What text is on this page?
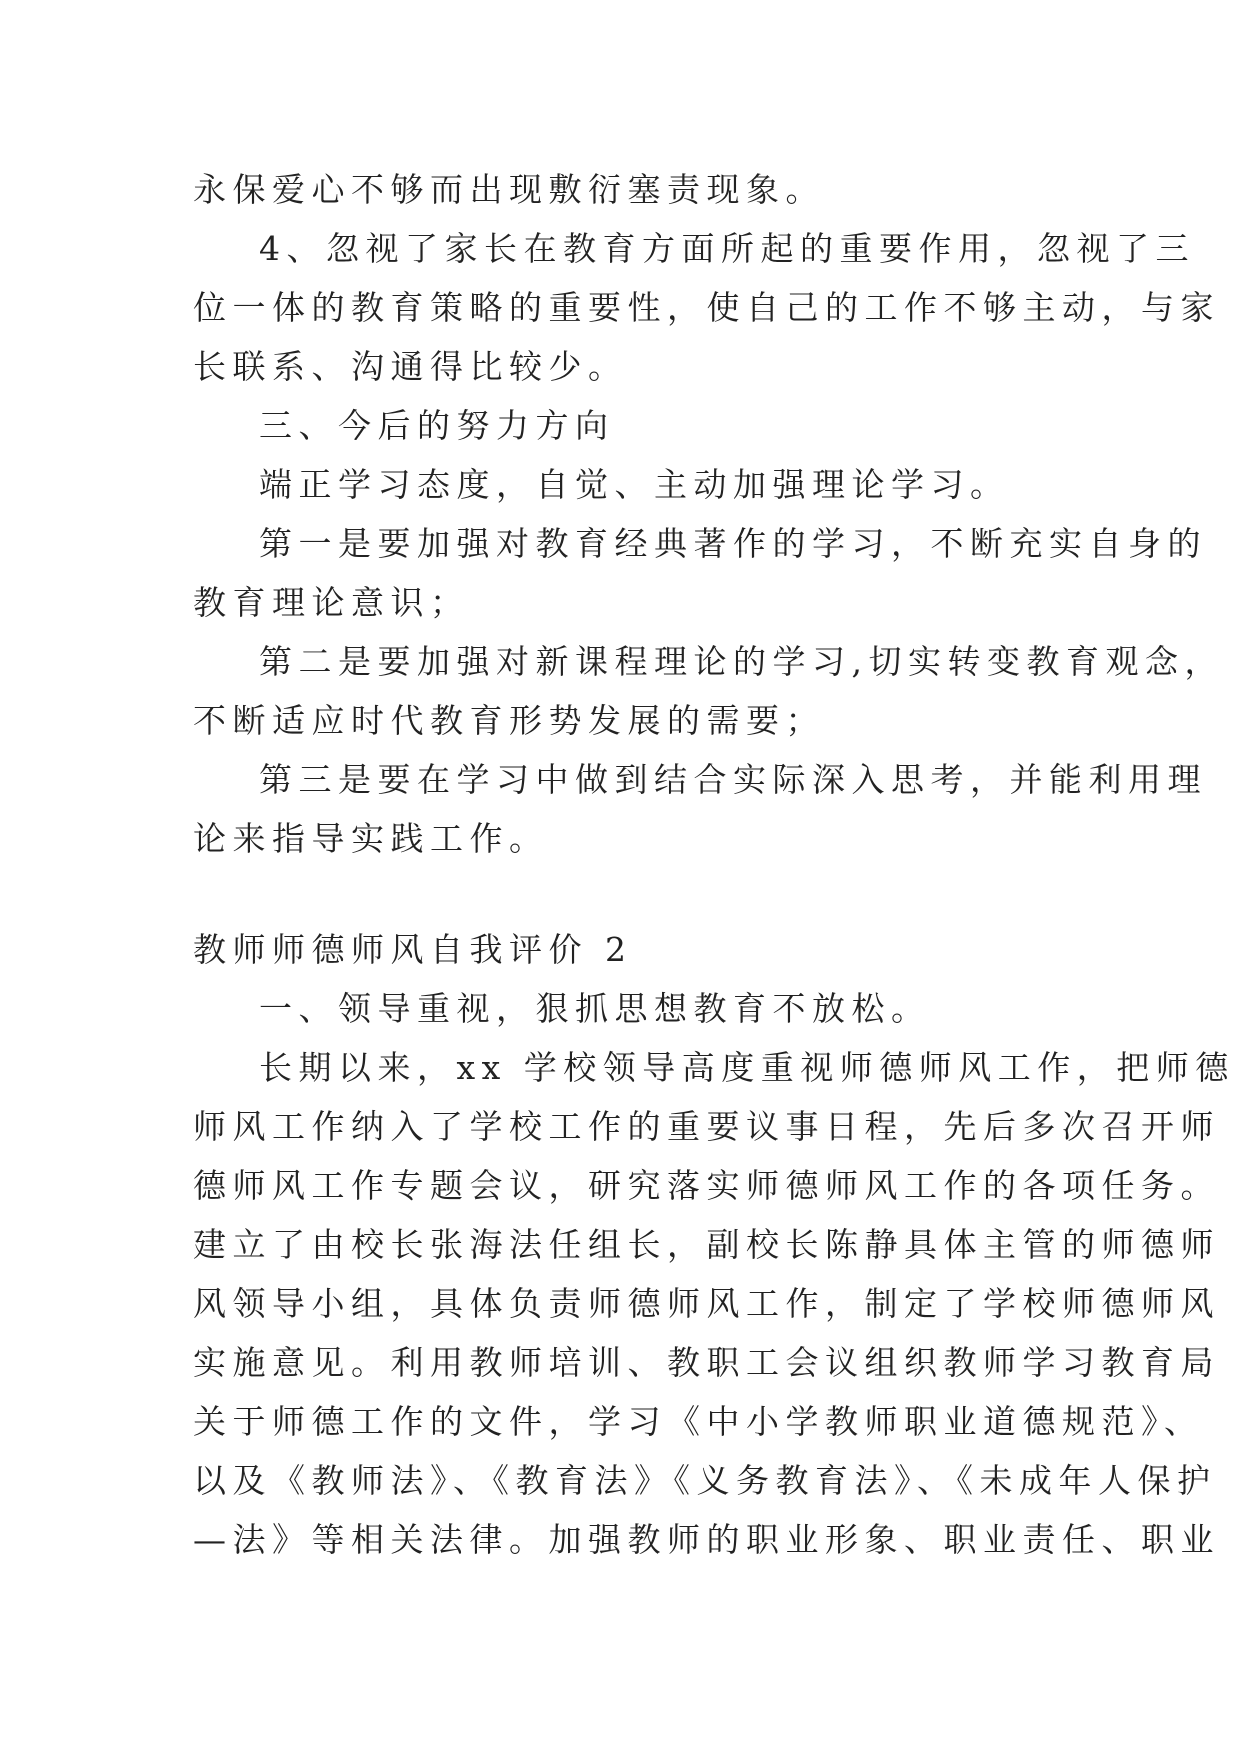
永保爱心不够而出现敷衍塞责现象。
4、忽视了家长在教育方面所起的重要作用，忽视了三
位一体的教育策略的重要性，使自己的工作不够主动，与家
长联系、沟通得比较少。
三、今后的努力方向
端正学习态度，自觉、主动加强理论学习。
第一是要加强对教育经典著作的学习，不断充实自身的
教育理论意识；
第二是要加强对新课程理论的学习,切实转变教育观念，
不断适应时代教育形势发展的需要；
第三是要在学习中做到结合实际深入思考，并能利用理
论来指导实践工作。
教师师德师风自我评价 2
一、领导重视，狠抓思想教育不放松。
长期以来，xx 学校领导高度重视师德师风工作，把师德
师风工作纳入了学校工作的重要议事日程，先后多次召开师
德师风工作专题会议，研究落实师德师风工作的各项任务。
建立了由校长张海法任组长，副校长陈静具体主管的师德师
风领导小组，具体负责师德师风工作，制定了学校师德师风
实施意见。利用教师培训、教职工会议组织教师学习教育局
关于师德工作的文件，学习《中小学教师职业道德规范》、
以及《教师法》、《教育法》《义务教育法》、《未成年人保护
—法》等相关法律。加强教师的职业形象、职业责任、职业
